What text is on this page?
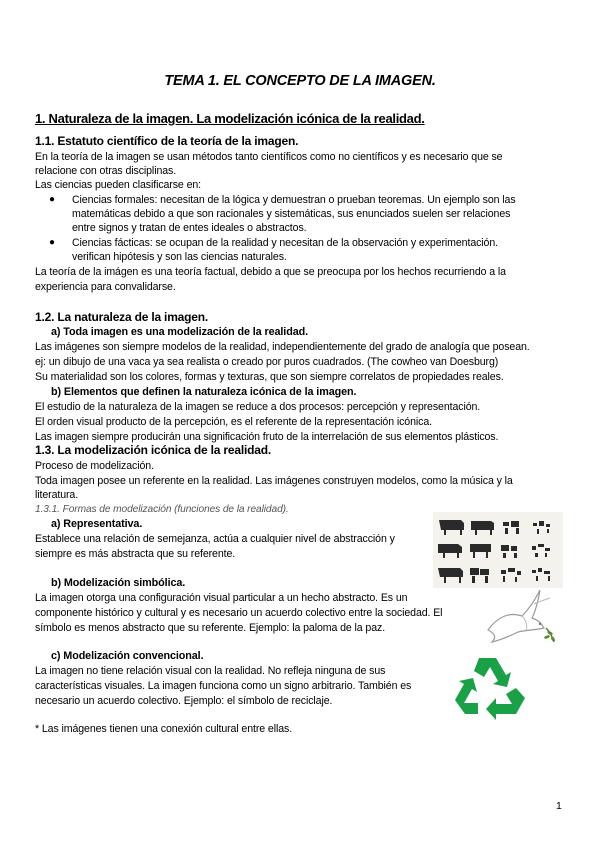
TEMA 1. EL CONCEPTO DE LA IMAGEN.
1. Naturaleza de la imagen. La modelización icónica de la realidad.
1.1. Estatuto científico de la teoría de la imagen.
En la teoría de la imagen se usan métodos tanto científicos como no científicos y es necesario que se
relacione con otras disciplinas.
Las ciencias pueden clasificarse en:
● Ciencias formales: necesitan de la lógica y demuestran o prueban teoremas. Un ejemplo son las
matemáticas debido a que son racionales y sistemáticas, sus enunciados suelen ser relaciones
entre signos y tratan de entes ideales o abstractos.
● Ciencias fácticas: se ocupan de la realidad y necesitan de la observación y experimentación.
verifican hipótesis y son las ciencias naturales.
La teoría de la imágen es una teoría factual, debido a que se preocupa por los hechos recurriendo a la
experiencia para convalidarse.
1.2. La naturaleza de la imagen.
a) Toda imagen es una modelización de la realidad.
Las imágenes son siempre modelos de la realidad, independientemente del grado de analogía que posean.
ej: un dibujo de una vaca ya sea realista o creado por puros cuadrados. (The cowheo van Doesburg)
Su materialidad son los colores, formas y texturas, que son siempre correlatos de propiedades reales.
b) Elementos que definen la naturaleza icónica de la imagen.
El estudio de la naturaleza de la imagen se reduce a dos procesos: percepción y representación.
El orden visual producto de la percepción, es el referente de la representación icónica.
Las imagen siempre producirán una significación fruto de la interrelación de sus elementos plásticos.
1.3. La modelización icónica de la realidad.
Proceso de modelización.
Toda imagen posee un referente en la realidad. Las imágenes construyen modelos, como la música y la
literatura.
1.3.1. Formas de modelización (funciones de la realidad).
a) Representativa.
Establece una relación de semejanza, actúa a cualquier nivel de abstracción y
siempre es más abstracta que su referente.
b) Modelización simbólica.
La imagen otorga una configuración visual particular a un hecho abstracto. Es un
componente histórico y cultural y es necesario un acuerdo colectivo entre la sociedad. El
símbolo es menos abstracto que su referente. Ejemplo: la paloma de la paz.
c) Modelización convencional.
La imagen no tiene relación visual con la realidad. No refleja ninguna de sus
características visuales. La imagen funciona como un signo arbitrario. También es
necesario un acuerdo colectivo. Ejemplo: el símbolo de reciclaje.
* Las imágenes tienen una conexión cultural entre ellas.
1
